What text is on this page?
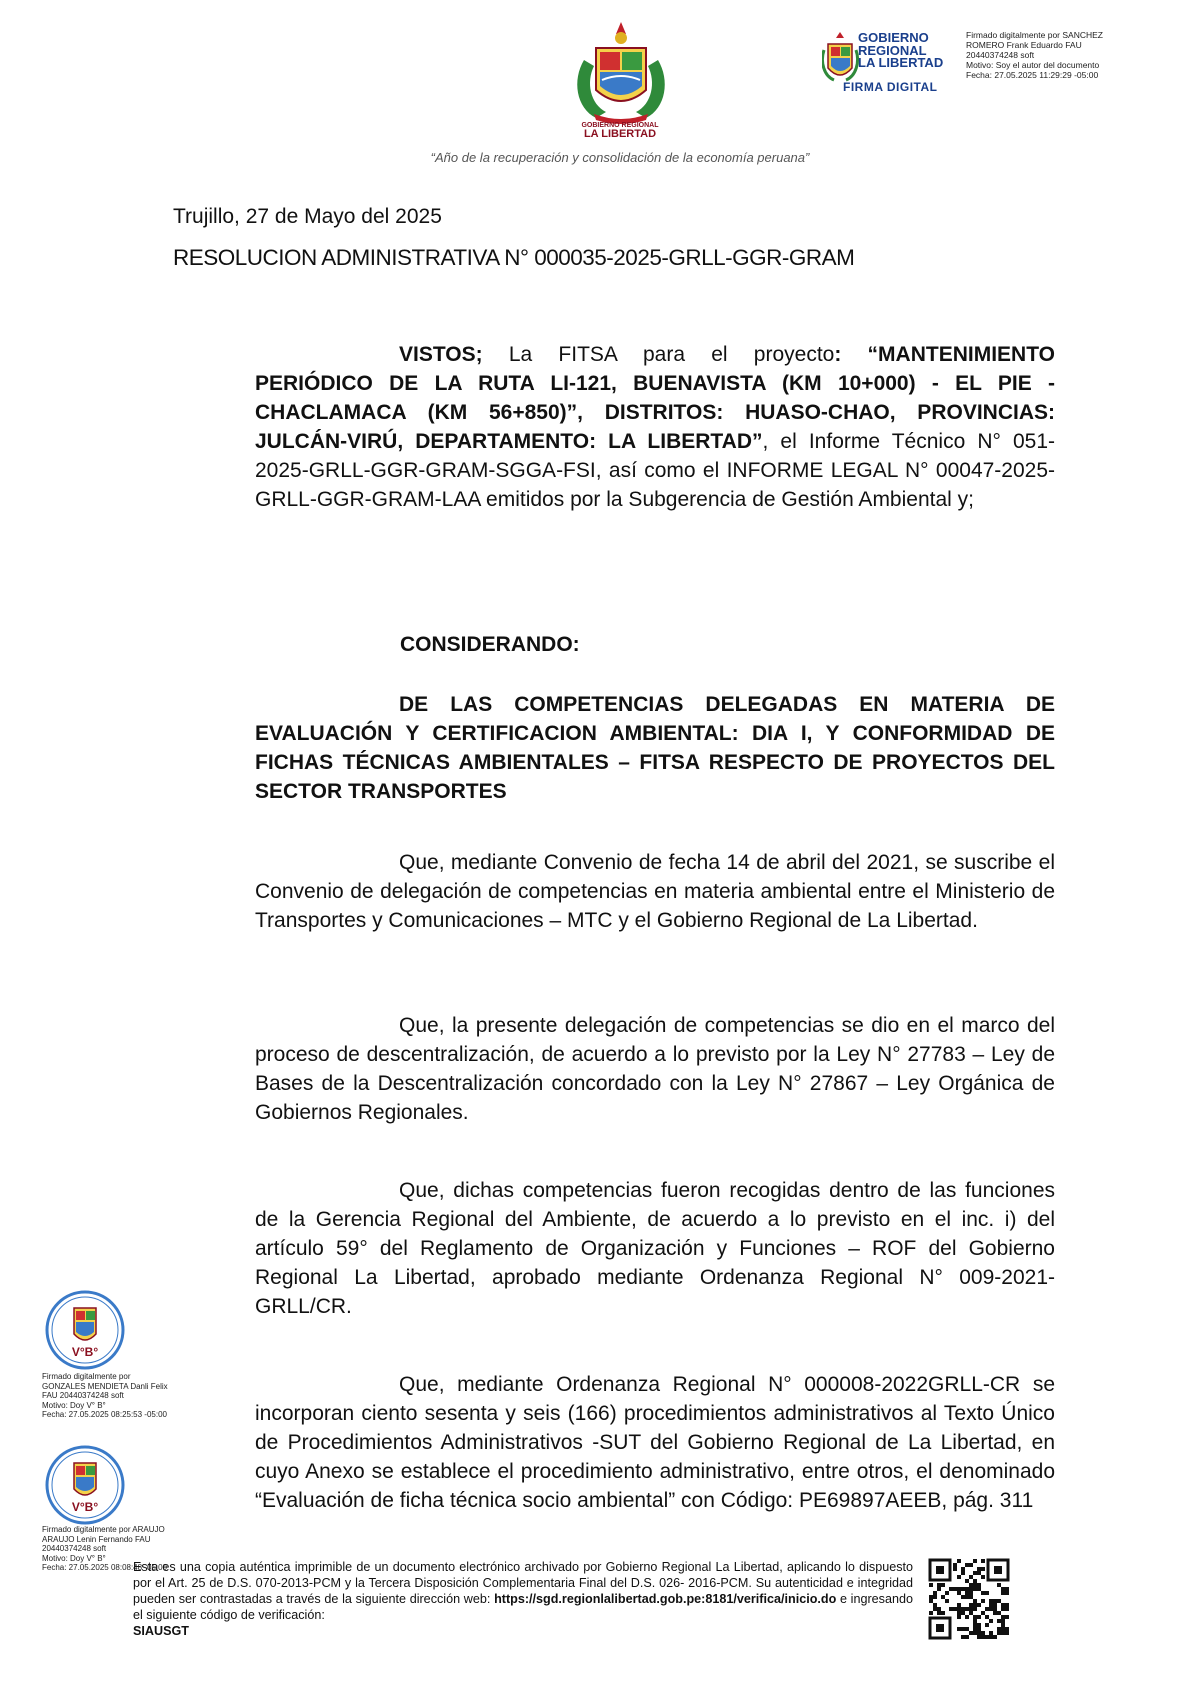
GOBIERNO REGIONAL
LA LIBERTAD
“Año de la recuperación y consolidación de la economía peruana”
GOBIERNO
REGIONAL
LA LIBERTAD
FIRMA DIGITAL
Firmado digitalmente por SANCHEZ
ROMERO Frank Eduardo FAU
20440374248 soft
Motivo: Soy el autor del documento
Fecha: 27.05.2025 11:29:29 -05:00
Trujillo, 27 de Mayo del 2025
RESOLUCION ADMINISTRATIVA N° 000035-2025-GRLL-GGR-GRAM

VISTOS; La FITSA para el proyecto: “MANTENIMIENTO PERIÓDICO DE LA RUTA LI-121, BUENAVISTA (KM 10+000) - EL PIE - CHACLAMACA (KM 56+850)”, DISTRITOS: HUASO-CHAO, PROVINCIAS: JULCÁN-VIRÚ, DEPARTAMENTO: LA LIBERTAD”, el Informe Técnico N° 051-2025-GRLL-GGR-GRAM-SGGA-FSI, así como el INFORME LEGAL N° 00047-2025-GRLL-GGR-GRAM-LAA emitidos por la Subgerencia de Gestión Ambiental y;

CONSIDERANDO:

DE LAS COMPETENCIAS DELEGADAS EN MATERIA DE EVALUACIÓN Y CERTIFICACION AMBIENTAL: DIA I, Y CONFORMIDAD DE FICHAS TÉCNICAS AMBIENTALES – FITSA RESPECTO DE PROYECTOS DEL SECTOR TRANSPORTES

Que, mediante Convenio de fecha 14 de abril del 2021, se suscribe el Convenio de delegación de competencias en materia ambiental entre el Ministerio de Transportes y Comunicaciones – MTC y el Gobierno Regional de La Libertad.

Que, la presente delegación de competencias se dio en el marco del proceso de descentralización, de acuerdo a lo previsto por la Ley N° 27783 – Ley de Bases de la Descentralización concordado con la Ley N° 27867 – Ley Orgánica de Gobiernos Regionales.

Que, dichas competencias fueron recogidas dentro de las funciones de la Gerencia Regional del Ambiente, de acuerdo a lo previsto en el inc. i) del artículo 59° del Reglamento de Organización y Funciones – ROF del Gobierno Regional La Libertad, aprobado mediante Ordenanza Regional N° 009-2021-GRLL/CR.

Que, mediante Ordenanza Regional N° 000008-2022GRLL-CR se incorporan ciento sesenta y seis (166) procedimientos administrativos al Texto Único de Procedimientos Administrativos -SUT del Gobierno Regional de La Libertad, en cuyo Anexo se establece el procedimiento administrativo, entre otros, el denominado “Evaluación de ficha técnica socio ambiental” con Código: PE69897AEEB, pág. 311

V°B°
Firmado digitalmente por
GONZALES MENDIETA Danli Felix
FAU 20440374248 soft
Motivo: Doy V° B°
Fecha: 27.05.2025 08:25:53 -05:00
V°B°
Firmado digitalmente por ARAUJO
ARAUJO Lenin Fernando FAU
20440374248 soft
Motivo: Doy V° B°
Fecha: 27.05.2025 08:08:48 -05:00
Esta es una copia auténtica imprimible de un documento electrónico archivado por Gobierno Regional La Libertad, aplicando lo dispuesto por el Art. 25 de D.S. 070-2013-PCM y la Tercera Disposición Complementaria Final del D.S. 026- 2016-PCM. Su autenticidad e integridad pueden ser contrastadas a través de la siguiente dirección web: https://sgd.regionlalibertad.gob.pe:8181/verifica/inicio.do e ingresando el siguiente código de verificación:
SIAUSGT
